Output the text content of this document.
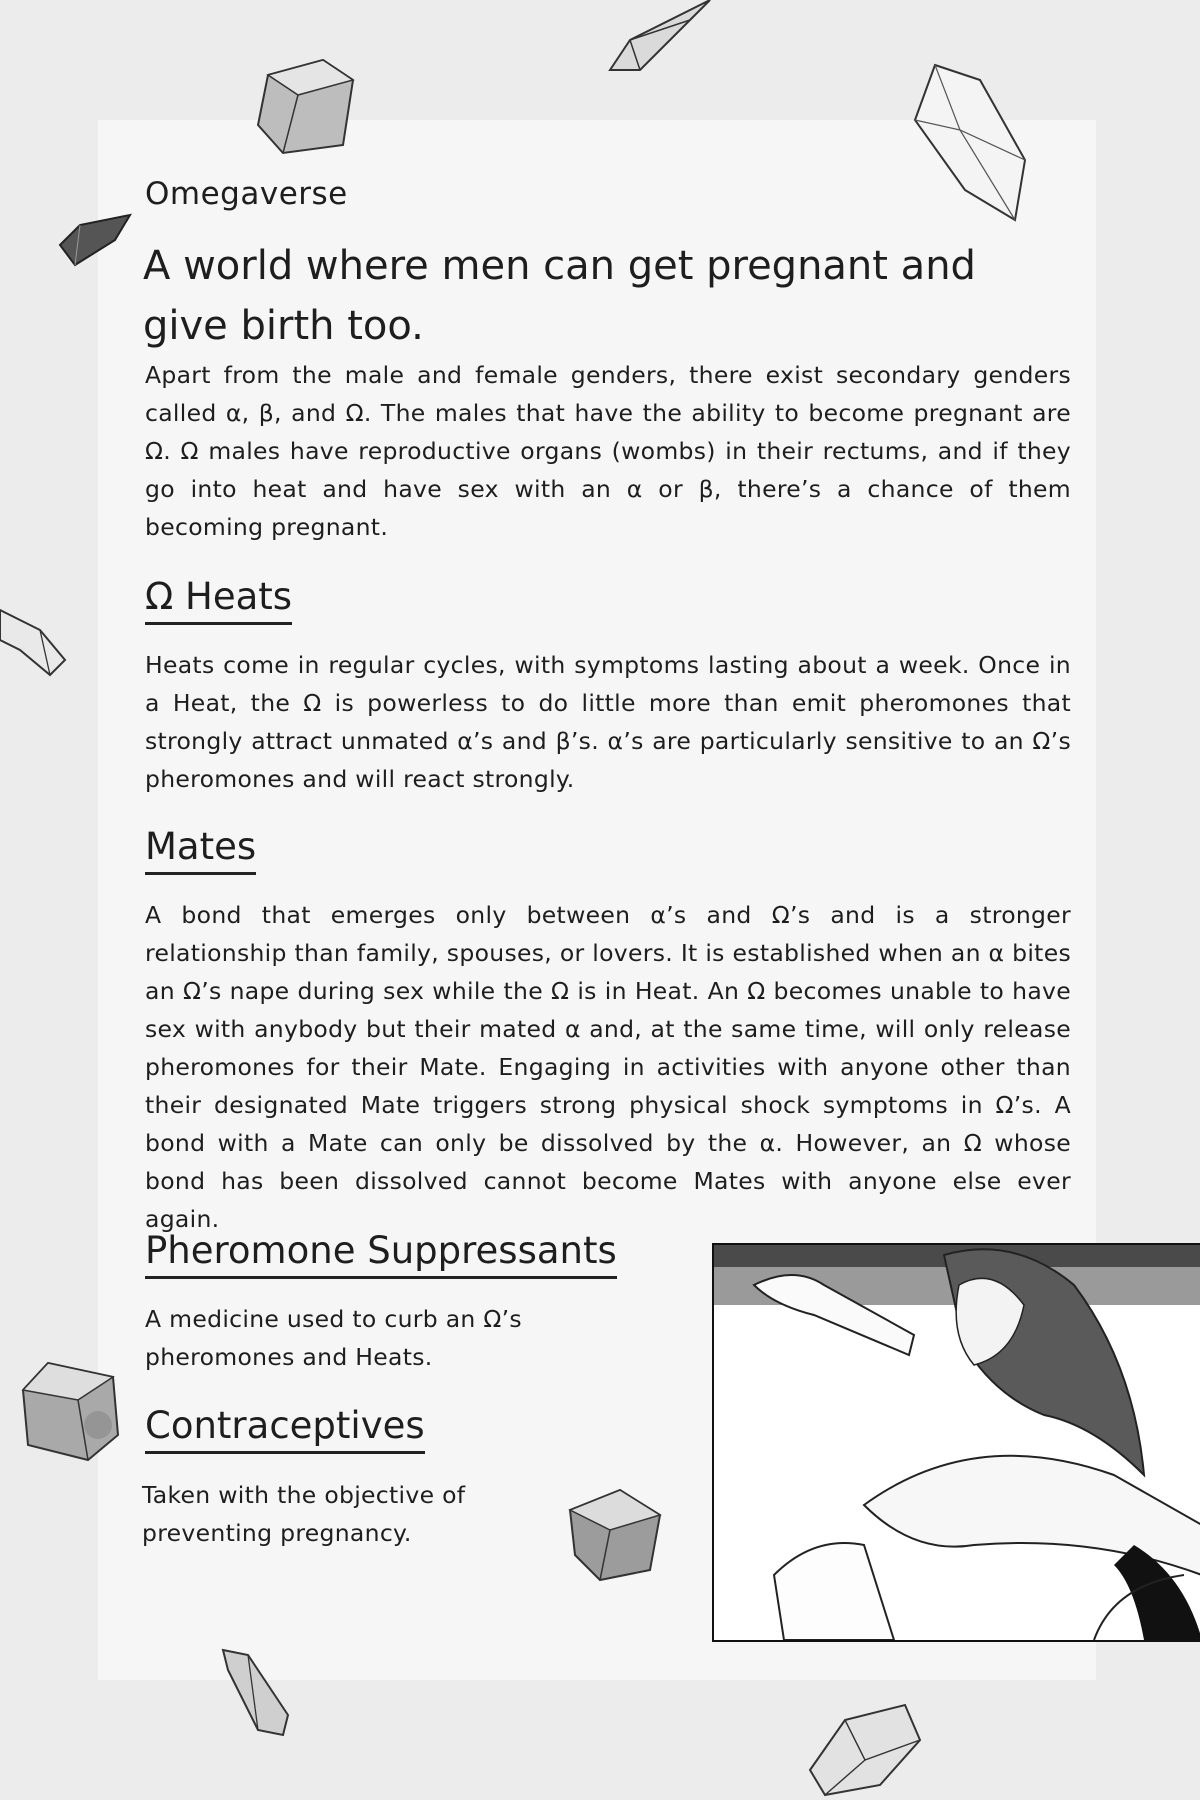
Omegaverse
A world where men can get pregnant and give birth too.
Apart from the male and female genders, there exist secondary genders called α, β, and Ω. The males that have the ability to become pregnant are Ω. Ω males have reproductive organs (wombs) in their rectums, and if they go into heat and have sex with an α or β, there’s a chance of them becoming pregnant.
Ω Heats
Heats come in regular cycles, with symptoms lasting about a week. Once in a Heat, the Ω is powerless to do little more than emit pheromones that strongly attract unmated α’s and β’s. α’s are particularly sensitive to an Ω’s pheromones and will react strongly.
Mates
A bond that emerges only between α’s and Ω’s and is a stronger relationship than family, spouses, or lovers. It is established when an α bites an Ω’s nape during sex while the Ω is in Heat. An Ω becomes unable to have sex with anybody but their mated α and, at the same time, will only release pheromones for their Mate. Engaging in activities with anyone other than their designated Mate triggers strong physical shock symptoms in Ω’s. A bond with a Mate can only be dissolved by the α. However, an Ω whose bond has been dissolved cannot become Mates with anyone else ever again.
Pheromone Suppressants
A medicine used to curb an Ω’s pheromones and Heats.
Contraceptives
Taken with the objective of preventing pregnancy.
